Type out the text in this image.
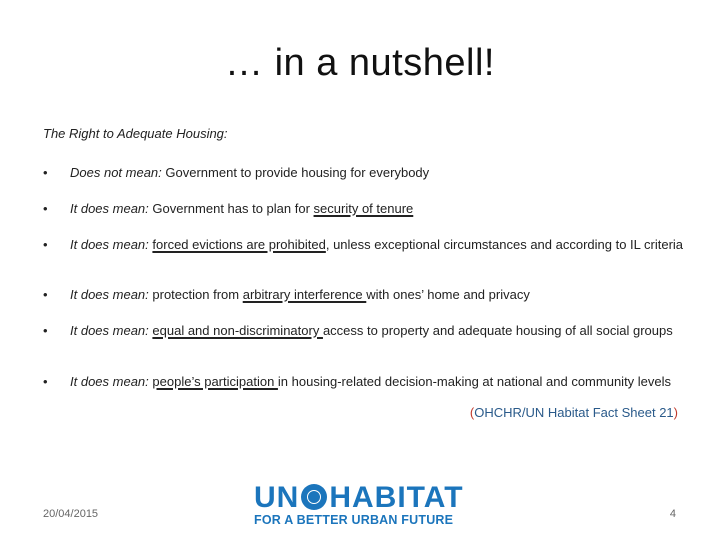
… in a nutshell!
The Right to Adequate Housing:
•	Does not mean: Government to provide housing for everybody
•	It does mean: Government has to plan for security of tenure
•	It does mean: forced evictions are prohibited, unless exceptional circumstances and according to IL criteria
•	It does mean: protection from arbitrary interference with ones’ home and privacy
•	It does mean: equal and non-discriminatory access to property and adequate housing of all social groups
•	It does mean: people’s participation in housing-related decision-making at national and community levels
(OHCHR/UN Habitat Fact Sheet 21)
20/04/2015	UN HABITAT
FOR A BETTER URBAN FUTURE	4
